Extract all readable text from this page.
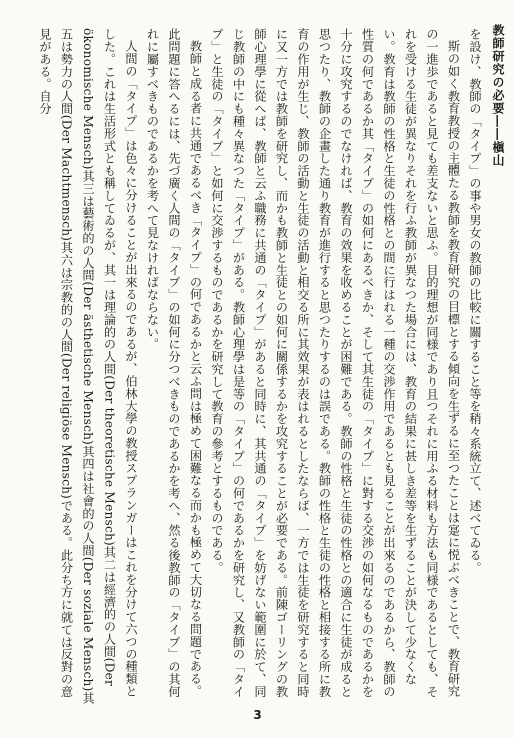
教師研究の必要――槇山

を設け、教師の「タイプ」の事や男女の教師の比較に關すること等を稍々系統立て、述べてゐる。

斯の如く教育教授の主體たる教師を教育研究の目標とする傾向を生ずるに至つたことは寔に悦ぶべきことで、教育研究の一進歩であると見ても差支ないと思ふ。目的理想が同様であり且つそれに用ふる材料も方法も同様であるとしても、それを受ける生徒が異なりそれを行ふ教師が異なつた場合には、教育の結果に甚しき差等を生ずることが決して少なくない。教育は教師の性格と生徒の性格との間に行はれる一種の交渉作用であるとも見ることが出來るのであるから、教師の性質の何であるか其「タイプ」の如何にあるべきか、そして其生徒の「タイプ」に對する交渉の如何なるものであるかを十分に攻究するのでなければ、教育の效果を收めることが困難である。教師の性格と生徒の性格との適合に生徒が成ると思つたり、教師の企畫した通り教育が進行すると思つたりするのは誤である。教師の性格と生徒の性格と相接する所に教育の作用が生じ、教師の活動と生徒の活動と相交る所に其效果が表はれるとしたならば、一方では生徒を研究すると同時に又一方では教師を研究し、而かも教師と生徒との如何に關係するかを攻究することが必要である。前陳ゴーリングの教師心理學に從へば、教師と云ふ職務に共通の「タイプ」があると同時に、其共通の「タイプ」を妨げない範圍に於て、同じ教師の中にも種々異なつた「タイプ」がある。教師心理學は是等の「タイプ」の何であるかを研究し、又教師の「タイプ」と生徒の「タイプ」と如何に交渉するものであるかを研究して教育の參考とするものである。

教師と成る者に共通であるべき「タイプ」の何であるかと云ふ問は極めて困難なる而かも極めて大切なる問題である。此問題に答へるには、先づ廣く人間の「タイプ」の如何に分つべきものであるかを考へ、然る後教師の「タイプ」の其何れに屬すべきものであるかを考へて見なければならない。

人間の「タイプ」は色々に分けることが出來るのであるが、伯林大學の教授スプランガーはこれを分けて六つの種類とした。これは生活形式とも稱してゐるが、其一は理論的の人間(Der theoretische Mensch)其二は經濟的の人間(Der ökonomische Mensch)其三は藝術的の人間(Der ästhetische Mensch)其四は社會的の人間(Der soziale Mensch)其五は勢力の人間(Der Machtmensch)其六は宗教的の人間(Der religiöse Mensch)である。此分ち方に就ては反對の意見がある。自分

3
